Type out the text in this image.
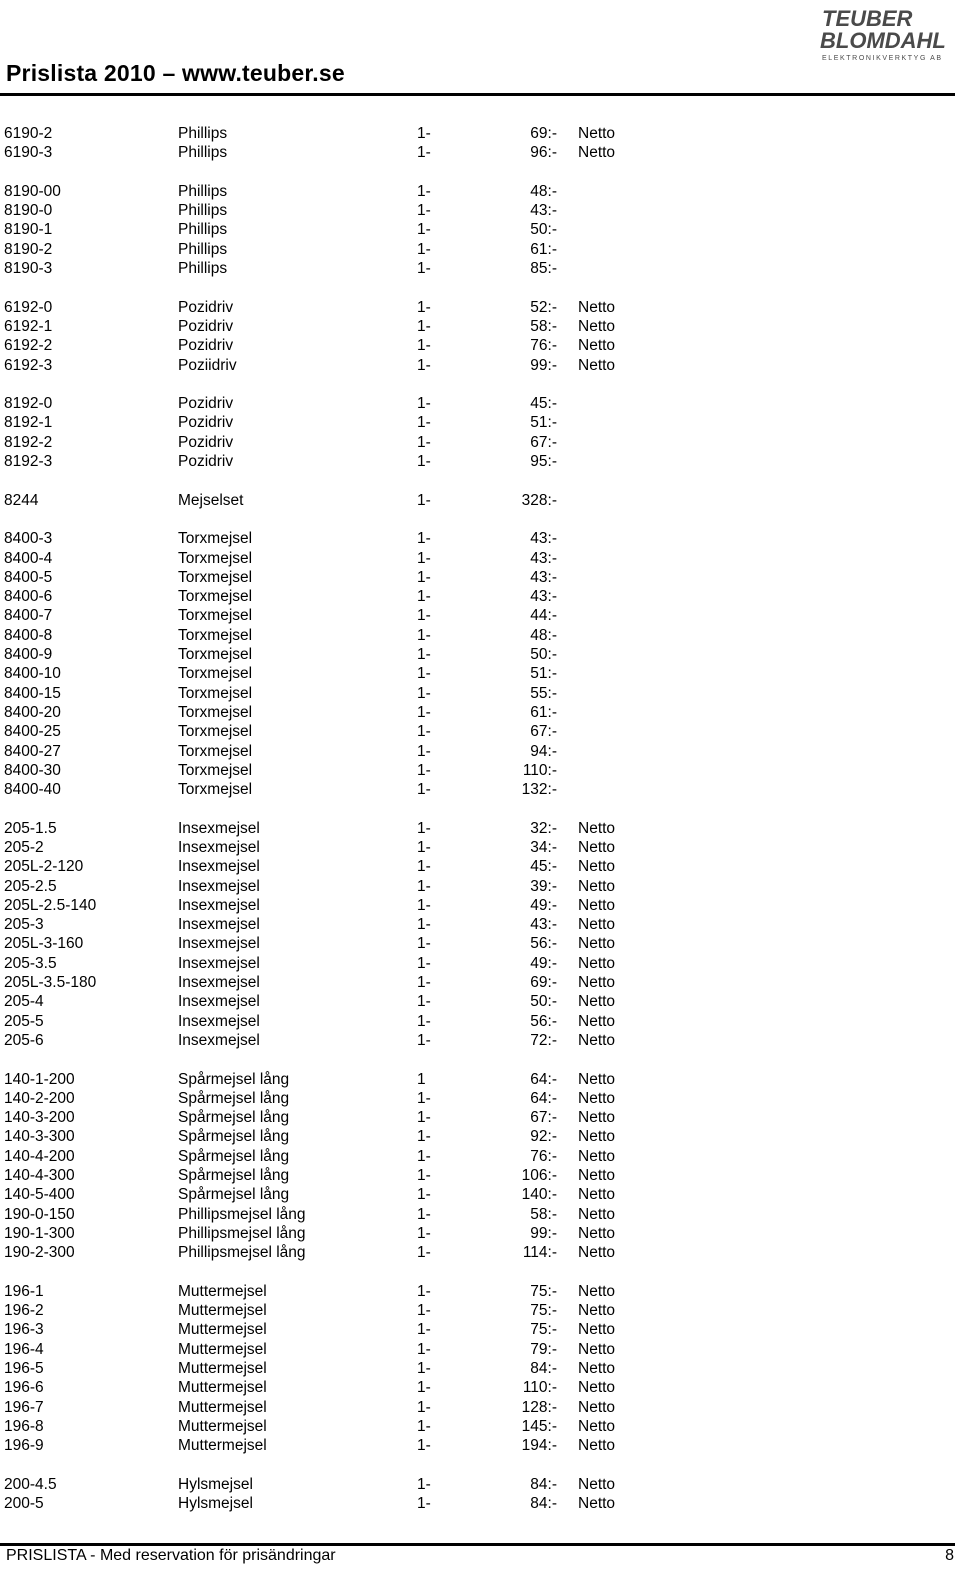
TEUBER
BLOMDAHL
ELEKTRONIKVERKTYG AB
Prislista 2010 – www.teuber.se
6190-2	Phillips	1-	69:- Netto
6190-3	Phillips	1-	96:- Netto
8190-00	Phillips	1-	48:-
8190-0	Phillips	1-	43:-
8190-1	Phillips	1-	50:-
8190-2	Phillips	1-	61:-
8190-3	Phillips	1-	85:-
6192-0	Pozidriv	1-	52:- Netto
6192-1	Pozidriv	1-	58:- Netto
6192-2	Pozidriv	1-	76:- Netto
6192-3	Poziidriv	1-	99:- Netto
8192-0	Pozidriv	1-	45:-
8192-1	Pozidriv	1-	51:-
8192-2	Pozidriv	1-	67:-
8192-3	Pozidriv	1-	95:-
8244	Mejselset	1-	328:-
8400-3	Torxmejsel	1-	43:-
8400-4	Torxmejsel	1-	43:-
8400-5	Torxmejsel	1-	43:-
8400-6	Torxmejsel	1-	43:-
8400-7	Torxmejsel	1-	44:-
8400-8	Torxmejsel	1-	48:-
8400-9	Torxmejsel	1-	50:-
8400-10	Torxmejsel	1-	51:-
8400-15	Torxmejsel	1-	55:-
8400-20	Torxmejsel	1-	61:-
8400-25	Torxmejsel	1-	67:-
8400-27	Torxmejsel	1-	94:-
8400-30	Torxmejsel	1-	110:-
8400-40	Torxmejsel	1-	132:-
205-1.5	Insexmejsel	1-	32:- Netto
205-2	Insexmejsel	1-	34:- Netto
205L-2-120	Insexmejsel	1-	45:- Netto
205-2.5	Insexmejsel	1-	39:- Netto
205L-2.5-140	Insexmejsel	1-	49:- Netto
205-3	Insexmejsel	1-	43:- Netto
205L-3-160	Insexmejsel	1-	56:- Netto
205-3.5	Insexmejsel	1-	49:- Netto
205L-3.5-180	Insexmejsel	1-	69:- Netto
205-4	Insexmejsel	1-	50:- Netto
205-5	Insexmejsel	1-	56:- Netto
205-6	Insexmejsel	1-	72:- Netto
140-1-200	Spårmejsel lång	1	64:- Netto
140-2-200	Spårmejsel lång	1-	64:- Netto
140-3-200	Spårmejsel lång	1-	67:- Netto
140-3-300	Spårmejsel lång	1-	92:- Netto
140-4-200	Spårmejsel lång	1-	76:- Netto
140-4-300	Spårmejsel lång	1-	106:- Netto
140-5-400	Spårmejsel lång	1-	140:- Netto
190-0-150	Phillipsmejsel lång	1-	58:- Netto
190-1-300	Phillipsmejsel lång	1-	99:- Netto
190-2-300	Phillipsmejsel lång	1-	114:- Netto
196-1	Muttermejsel	1-	75:- Netto
196-2	Muttermejsel	1-	75:- Netto
196-3	Muttermejsel	1-	75:- Netto
196-4	Muttermejsel	1-	79:- Netto
196-5	Muttermejsel	1-	84:- Netto
196-6	Muttermejsel	1-	110:- Netto
196-7	Muttermejsel	1-	128:- Netto
196-8	Muttermejsel	1-	145:- Netto
196-9	Muttermejsel	1-	194:- Netto
200-4.5	Hylsmejsel	1-	84:- Netto
200-5	Hylsmejsel	1-	84:- Netto
PRISLISTA - Med reservation för prisändringar	8
